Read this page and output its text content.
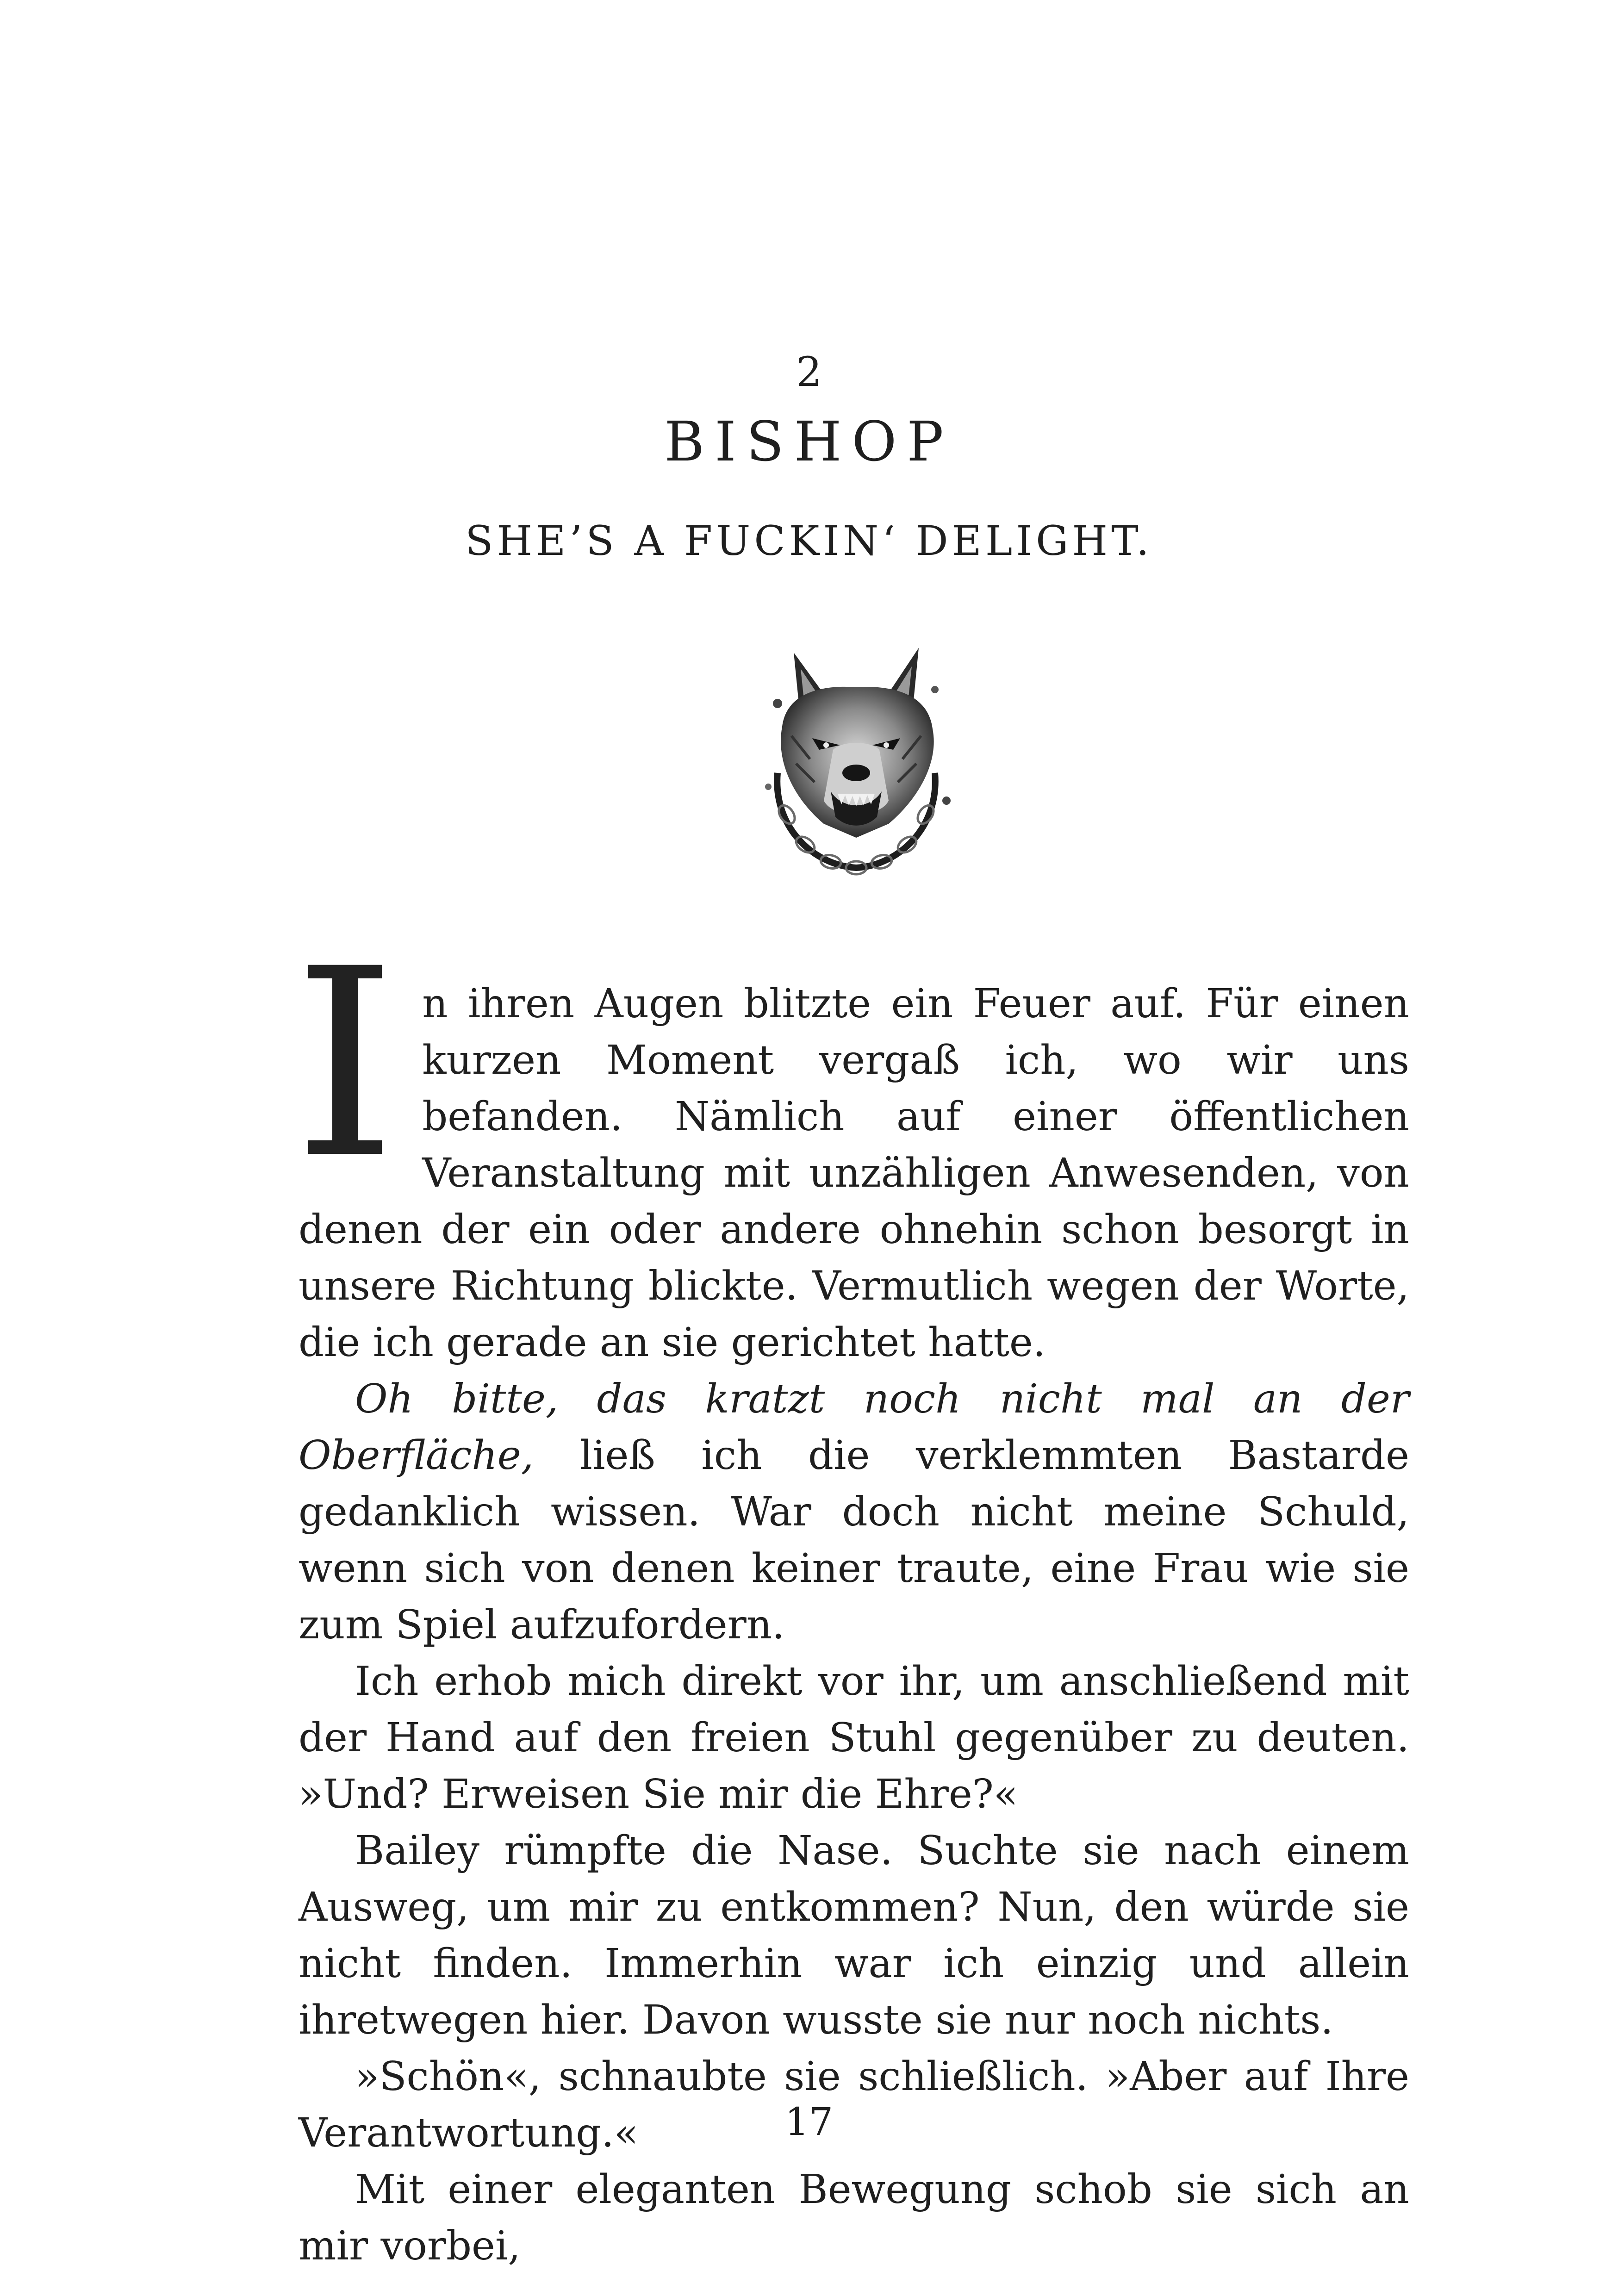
2
BISHOP
SHE’S A FUCKIN‘ DELIGHT.

In ihren Augen blitzte ein Feuer auf. Für einen kurzen Moment vergaß ich, wo wir uns befanden. Nämlich auf einer öffentlichen Veranstaltung mit unzähligen Anwesenden, von denen der ein oder andere ohnehin schon besorgt in unsere Richtung blickte. Vermutlich wegen der Worte, die ich gerade an sie gerichtet hatte.

Oh bitte, das kratzt noch nicht mal an der Oberfläche, ließ ich die verklemmten Bastarde gedanklich wissen. War doch nicht meine Schuld, wenn sich von denen keiner traute, eine Frau wie sie zum Spiel aufzufordern.

Ich erhob mich direkt vor ihr, um anschließend mit der Hand auf den freien Stuhl gegenüber zu deuten. »Und? Erweisen Sie mir die Ehre?«

Bailey rümpfte die Nase. Suchte sie nach einem Ausweg, um mir zu entkommen? Nun, den würde sie nicht finden. Immerhin war ich einzig und allein ihretwegen hier. Davon wusste sie nur noch nichts.

»Schön«, schnaubte sie schließlich. »Aber auf Ihre Verantwortung.«

Mit einer eleganten Bewegung schob sie sich an mir vorbei,

17
